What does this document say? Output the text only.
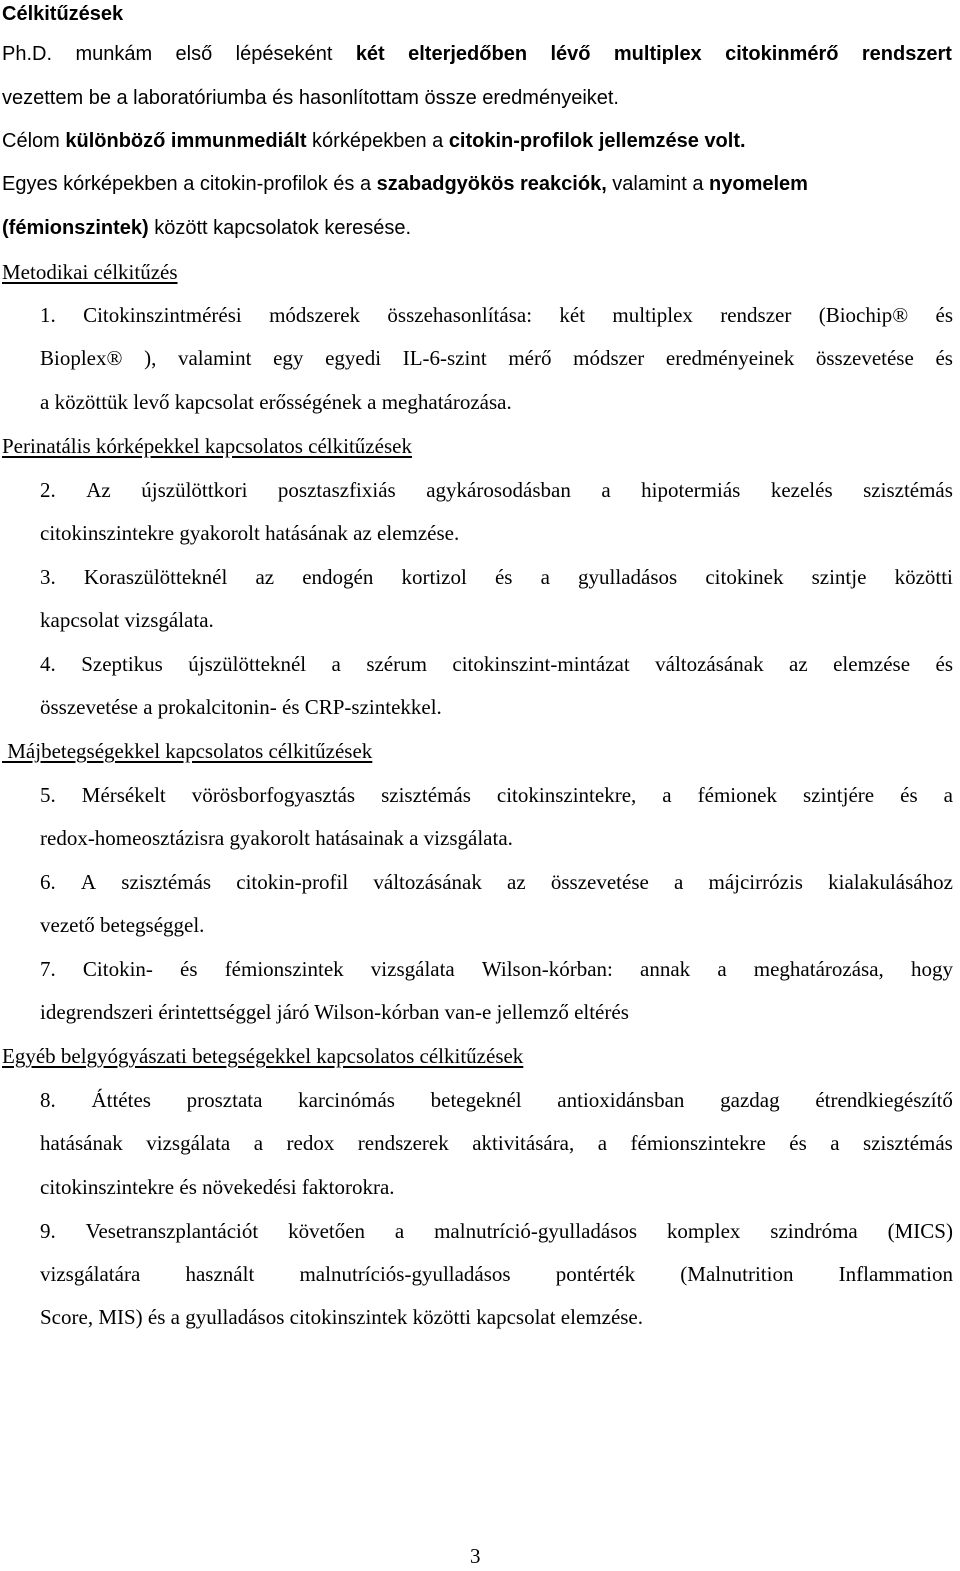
Célkitűzések
Ph.D. munkám első lépéseként két elterjedőben lévő multiplex citokinmérő rendszert
vezettem be a laboratóriumba és hasonlítottam össze eredményeiket.
Célom különböző immunmediált kórképekben a citokin-profilok jellemzése volt.
Egyes kórképekben a citokin-profilok és a szabadgyökös reakciók, valamint a nyomelem
(fémionszintek) között kapcsolatok keresése.
Metodikai célkitűzés
1. Citokinszintmérési módszerek összehasonlítása: két multiplex rendszer (Biochip® és
Bioplex® ), valamint egy egyedi IL-6-szint mérő módszer eredményeinek összevetése és
a közöttük levő kapcsolat erősségének a meghatározása.
Perinatális kórképekkel kapcsolatos célkitűzések
2. Az újszülöttkori posztaszfixiás agykárosodásban a hipotermiás kezelés szisztémás
citokinszintekre gyakorolt hatásának az elemzése.
3. Koraszülötteknél az endogén kortizol és a gyulladásos citokinek szintje közötti
kapcsolat vizsgálata.
4. Szeptikus újszülötteknél a szérum citokinszint-mintázat változásának az elemzése és
összevetése a prokalcitonin- és CRP-szintekkel.
Májbetegségekkel kapcsolatos célkitűzések
5. Mérsékelt vörösborfogyasztás szisztémás citokinszintekre, a fémionek szintjére és a
redox-homeosztázisra gyakorolt hatásainak a vizsgálata.
6. A szisztémás citokin-profil változásának az összevetése a májcirrózis kialakulásához
vezető betegséggel.
7. Citokin- és fémionszintek vizsgálata Wilson-kórban: annak a meghatározása, hogy
idegrendszeri érintettséggel járó Wilson-kórban van-e jellemző eltérés
Egyéb belgyógyászati betegségekkel kapcsolatos célkitűzések
8. Áttétes prosztata karcinómás betegeknél antioxidánsban gazdag étrendkiegészítő
hatásának vizsgálata a redox rendszerek aktivitására, a fémionszintekre és a szisztémás
citokinszintekre és növekedési faktorokra.
9. Vesetranszplantációt követően a malnutríció-gyulladásos komplex szindróma (MICS)
vizsgálatára használt malnutríciós-gyulladásos pontérték (Malnutrition Inflammation
Score, MIS) és a gyulladásos citokinszintek közötti kapcsolat elemzése.
3
